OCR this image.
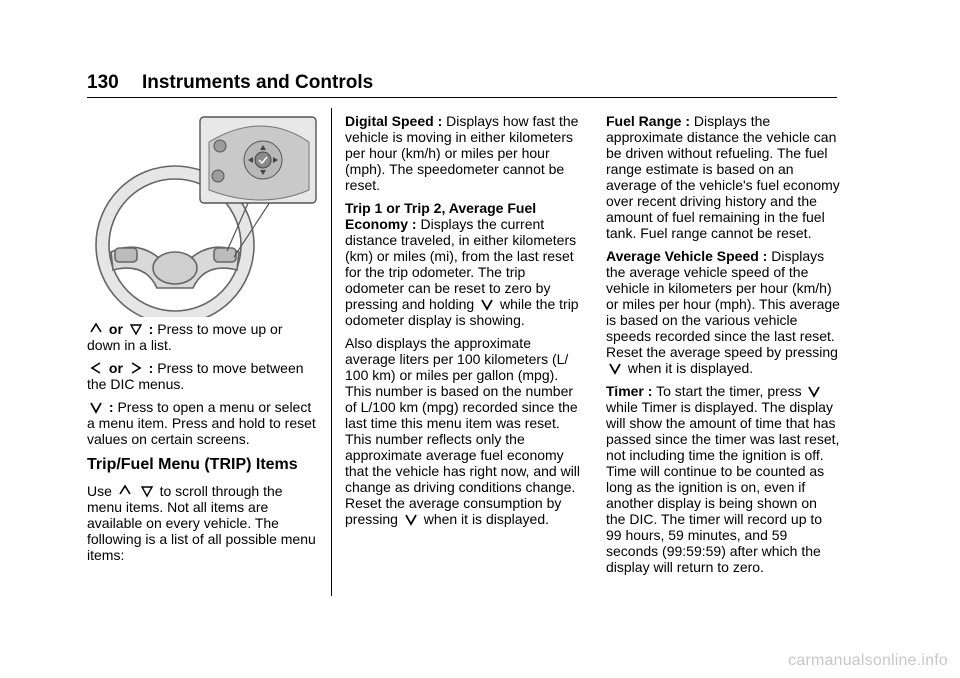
130 Instruments and Controls

or : Press to move up or down in a list.

or : Press to move between the DIC menus.

: Press to open a menu or select a menu item. Press and hold to reset values on certain screens.

Trip/Fuel Menu (TRIP) Items

Use
	to scroll through the menu items. Not all items are available on every vehicle. The following is a list of all possible menu items:

Digital Speed : Displays how fast the vehicle is moving in either kilometers per hour (km/h) or miles per hour (mph). The speedometer cannot be reset.

Trip 1 or Trip 2, Average Fuel Economy : Displays the current distance traveled, in either kilometers (km) or miles (mi), from the last reset for the trip odometer. The trip odometer can be reset to zero by pressing and holding while the trip odometer display is showing.

Also displays the approximate average liters per 100 kilometers (L/ 100 km) or miles per gallon (mpg). This number is based on the number of L/100 km (mpg) recorded since the last time this menu item was reset. This number reflects only the approximate average fuel economy that the vehicle has right now, and will change as driving conditions change. Reset the average consumption by pressing when it is displayed.

Fuel Range : Displays the approximate distance the vehicle can be driven without refueling. The fuel range estimate is based on an average of the vehicle's fuel economy over recent driving history and the amount of fuel remaining in the fuel tank. Fuel range cannot be reset.

Average Vehicle Speed : Displays the average vehicle speed of the vehicle in kilometers per hour (km/h) or miles per hour (mph). This average is based on the various vehicle speeds recorded since the last reset. Reset the average speed by pressing
when it is displayed.

Timer : To start the timer, press
while Timer is displayed. The display will show the amount of time that has passed since the timer was last reset, not including time the ignition is off. Time will continue to be counted as long as the ignition is on, even if another display is being shown on the DIC. The timer will record up to 99 hours, 59 minutes, and 59 seconds (99:59:59) after which the display will return to zero.

carmanualsonline.info
